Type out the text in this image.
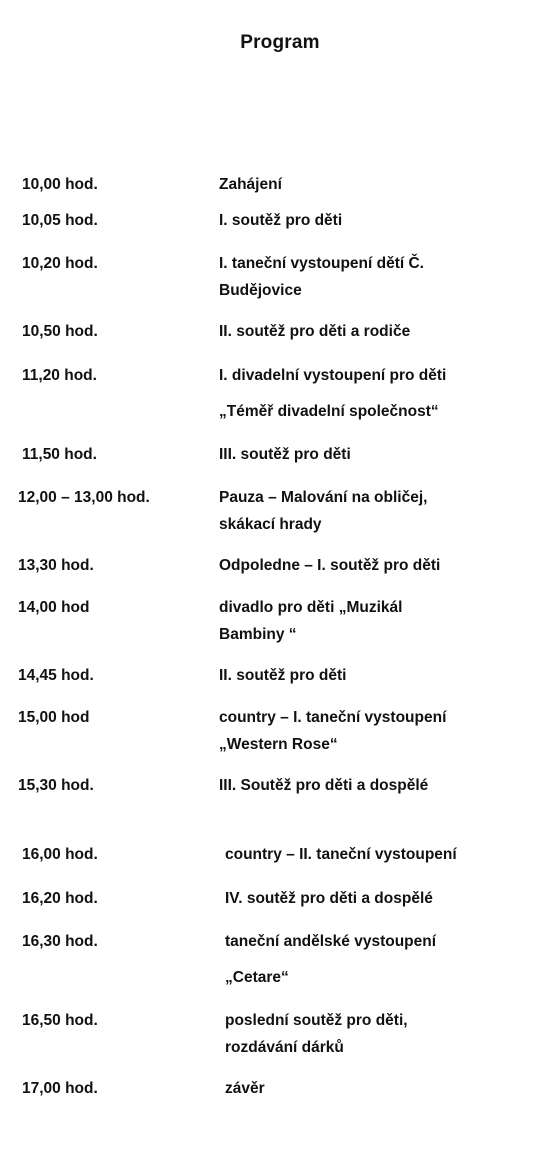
Program
10,00 hod.	Zahájení
10,05 hod.	I. soutěž pro děti
10,20 hod.	I. taneční vystoupení dětí Č.
Budějovice
10,50 hod.	II. soutěž pro děti a rodiče
11,20 hod.	I. divadelní vystoupení pro děti
„Téměř divadelní společnost“
11,50 hod.	III. soutěž pro děti
12,00 – 13,00 hod.	Pauza – Malování na obličej,
skákací hrady
13,30 hod.	Odpoledne – I. soutěž pro děti
14,00 hod	divadlo pro děti „Muzikál
Bambiny “
14,45 hod.	II. soutěž pro děti
15,00 hod	country – I. taneční vystoupení
„Western Rose“
15,30 hod.	III. Soutěž pro děti a dospělé
16,00 hod.	country – II. taneční vystoupení
16,20 hod.	IV. soutěž pro děti a dospělé
16,30 hod.	taneční andělské vystoupení
„Cetare“
16,50 hod.	poslední soutěž pro děti,
rozdávání dárků
17,00 hod.	závěr
